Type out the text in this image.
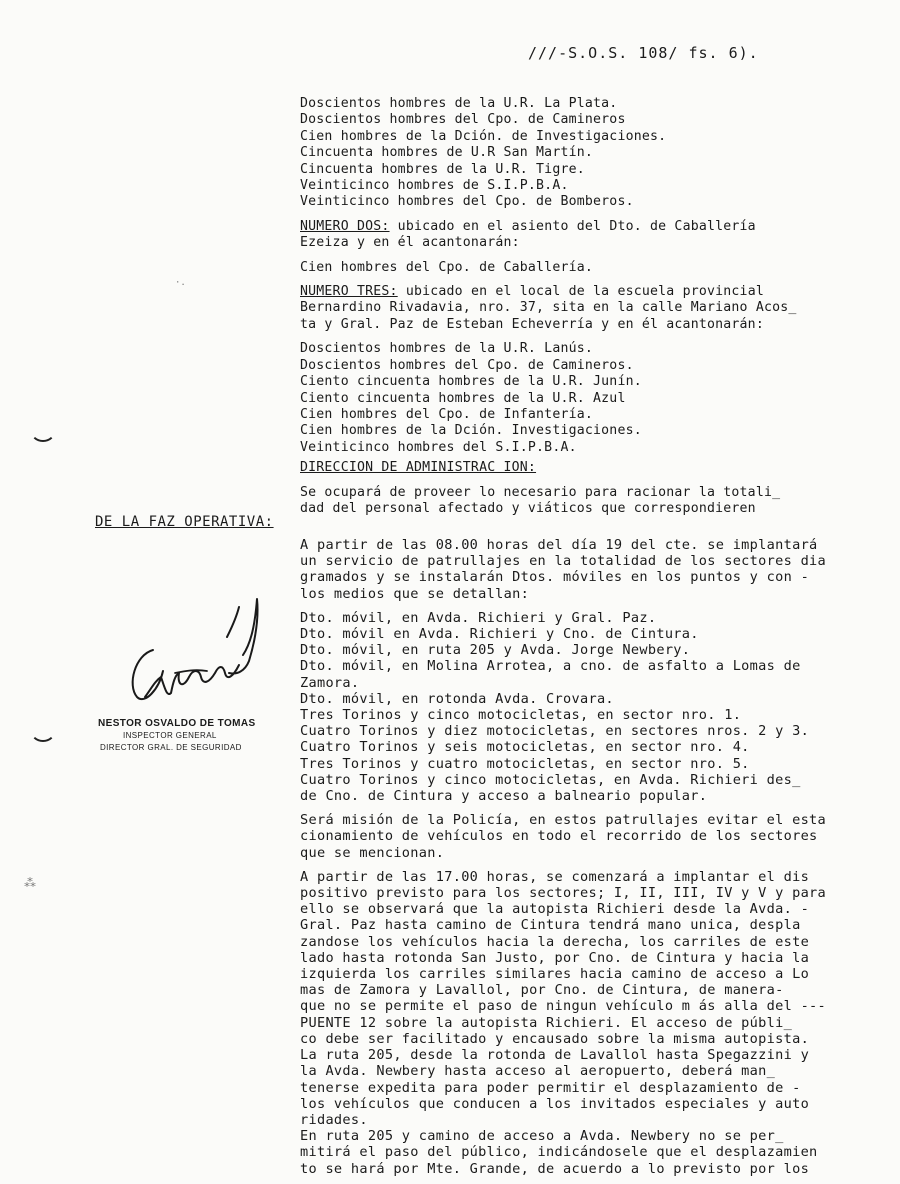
///-S.O.S. 108/ fs. 6).
Doscientos hombres de la U.R. La Plata.
Doscientos hombres del Cpo. de Camineros
Cien hombres de la Dción. de Investigaciones.
Cincuenta hombres de U.R San Martín.
Cincuenta hombres de la U.R. Tigre.
Veinticinco hombres de S.I.P.B.A.
Veinticinco hombres del Cpo. de Bomberos.
NUMERO DOS: ubicado en el asiento del Dto. de Caballería
Ezeiza y en él acantonarán:
Cien hombres del Cpo. de Caballería.
NUMERO TRES: ubicado en el local de la escuela provincial
Bernardino Rivadavia, nro. 37, sita en la calle Mariano Acos_
ta y Gral. Paz de Esteban Echeverría y en él acantonarán:
Doscientos hombres de la U.R. Lanús.
Doscientos hombres del Cpo. de Camineros.
Ciento cincuenta hombres de la U.R. Junín.
Ciento cincuenta hombres de la U.R. Azul
Cien hombres del Cpo. de Infantería.
Cien hombres de la Dción. Investigaciones.
Veinticinco hombres del S.I.P.B.A.
DIRECCION DE ADMINISTRAC ION:
Se ocupará de proveer lo necesario para racionar la totali_
dad del personal afectado y viáticos que correspondieren
DE LA FAZ OPERATIVA:
A partir de las 08.00 horas del día 19 del cte. se implantará
un servicio de patrullajes en la totalidad de los sectores dia
gramados y se instalarán Dtos. móviles en los puntos y con -
los medios que se detallan:
Dto. móvil, en Avda. Richieri y Gral. Paz.
Dto. móvil en Avda. Richieri y Cno. de Cintura.
Dto. móvil, en ruta 205 y Avda. Jorge Newbery.
Dto. móvil, en Molina Arrotea, a cno. de asfalto a Lomas de
Zamora.
Dto. móvil, en rotonda Avda. Crovara.
Tres Torinos y cinco motocicletas, en sector nro. 1.
Cuatro Torinos y diez motocicletas, en sectores nros. 2 y 3.
Cuatro Torinos y seis motocicletas, en sector nro. 4.
Tres Torinos y cuatro motocicletas, en sector nro. 5.
Cuatro Torinos y cinco motocicletas, en Avda. Richieri des_
de Cno. de Cintura y acceso a balneario popular.
Será misión de la Policía, en estos patrullajes evitar el esta
cionamiento de vehículos en todo el recorrido de los sectores
que se mencionan.
A partir de las 17.00 horas, se comenzará a implantar el dis
positivo previsto para los sectores; I, II, III, IV y V y para
ello se observará que la autopista Richieri desde la Avda. -
Gral. Paz hasta camino de Cintura tendrá mano unica, despla
zandose los vehículos hacia la derecha, los carriles de este
lado hasta rotonda San Justo, por Cno. de Cintura y hacia la
izquierda los carriles similares hacia camino de acceso a Lo
mas de Zamora y Lavallol, por Cno. de Cintura, de manera-
que no se permite el paso de ningun vehículo m ás alla del ---
PUENTE 12 sobre la autopista Richieri. El acceso de públi_
co debe ser facilitado y encausado sobre la misma autopista.
La ruta 205, desde la rotonda de Lavallol hasta Spegazzini y
la Avda. Newbery hasta acceso al aeropuerto, deberá man_
tenerse expedita para poder permitir el desplazamiento de -
los vehículos que conducen a los invitados especiales y auto
ridades.
En ruta 205 y camino de acceso a Avda. Newbery no se per_
mitirá el paso del público, indicándosele que el desplazamien
to se hará por Mte. Grande, de acuerdo a lo previsto por los
NESTOR OSVALDO DE TOMAS
INSPECTOR GENERAL
DIRECTOR GRAL. DE SEGURIDAD
⁂
·.
